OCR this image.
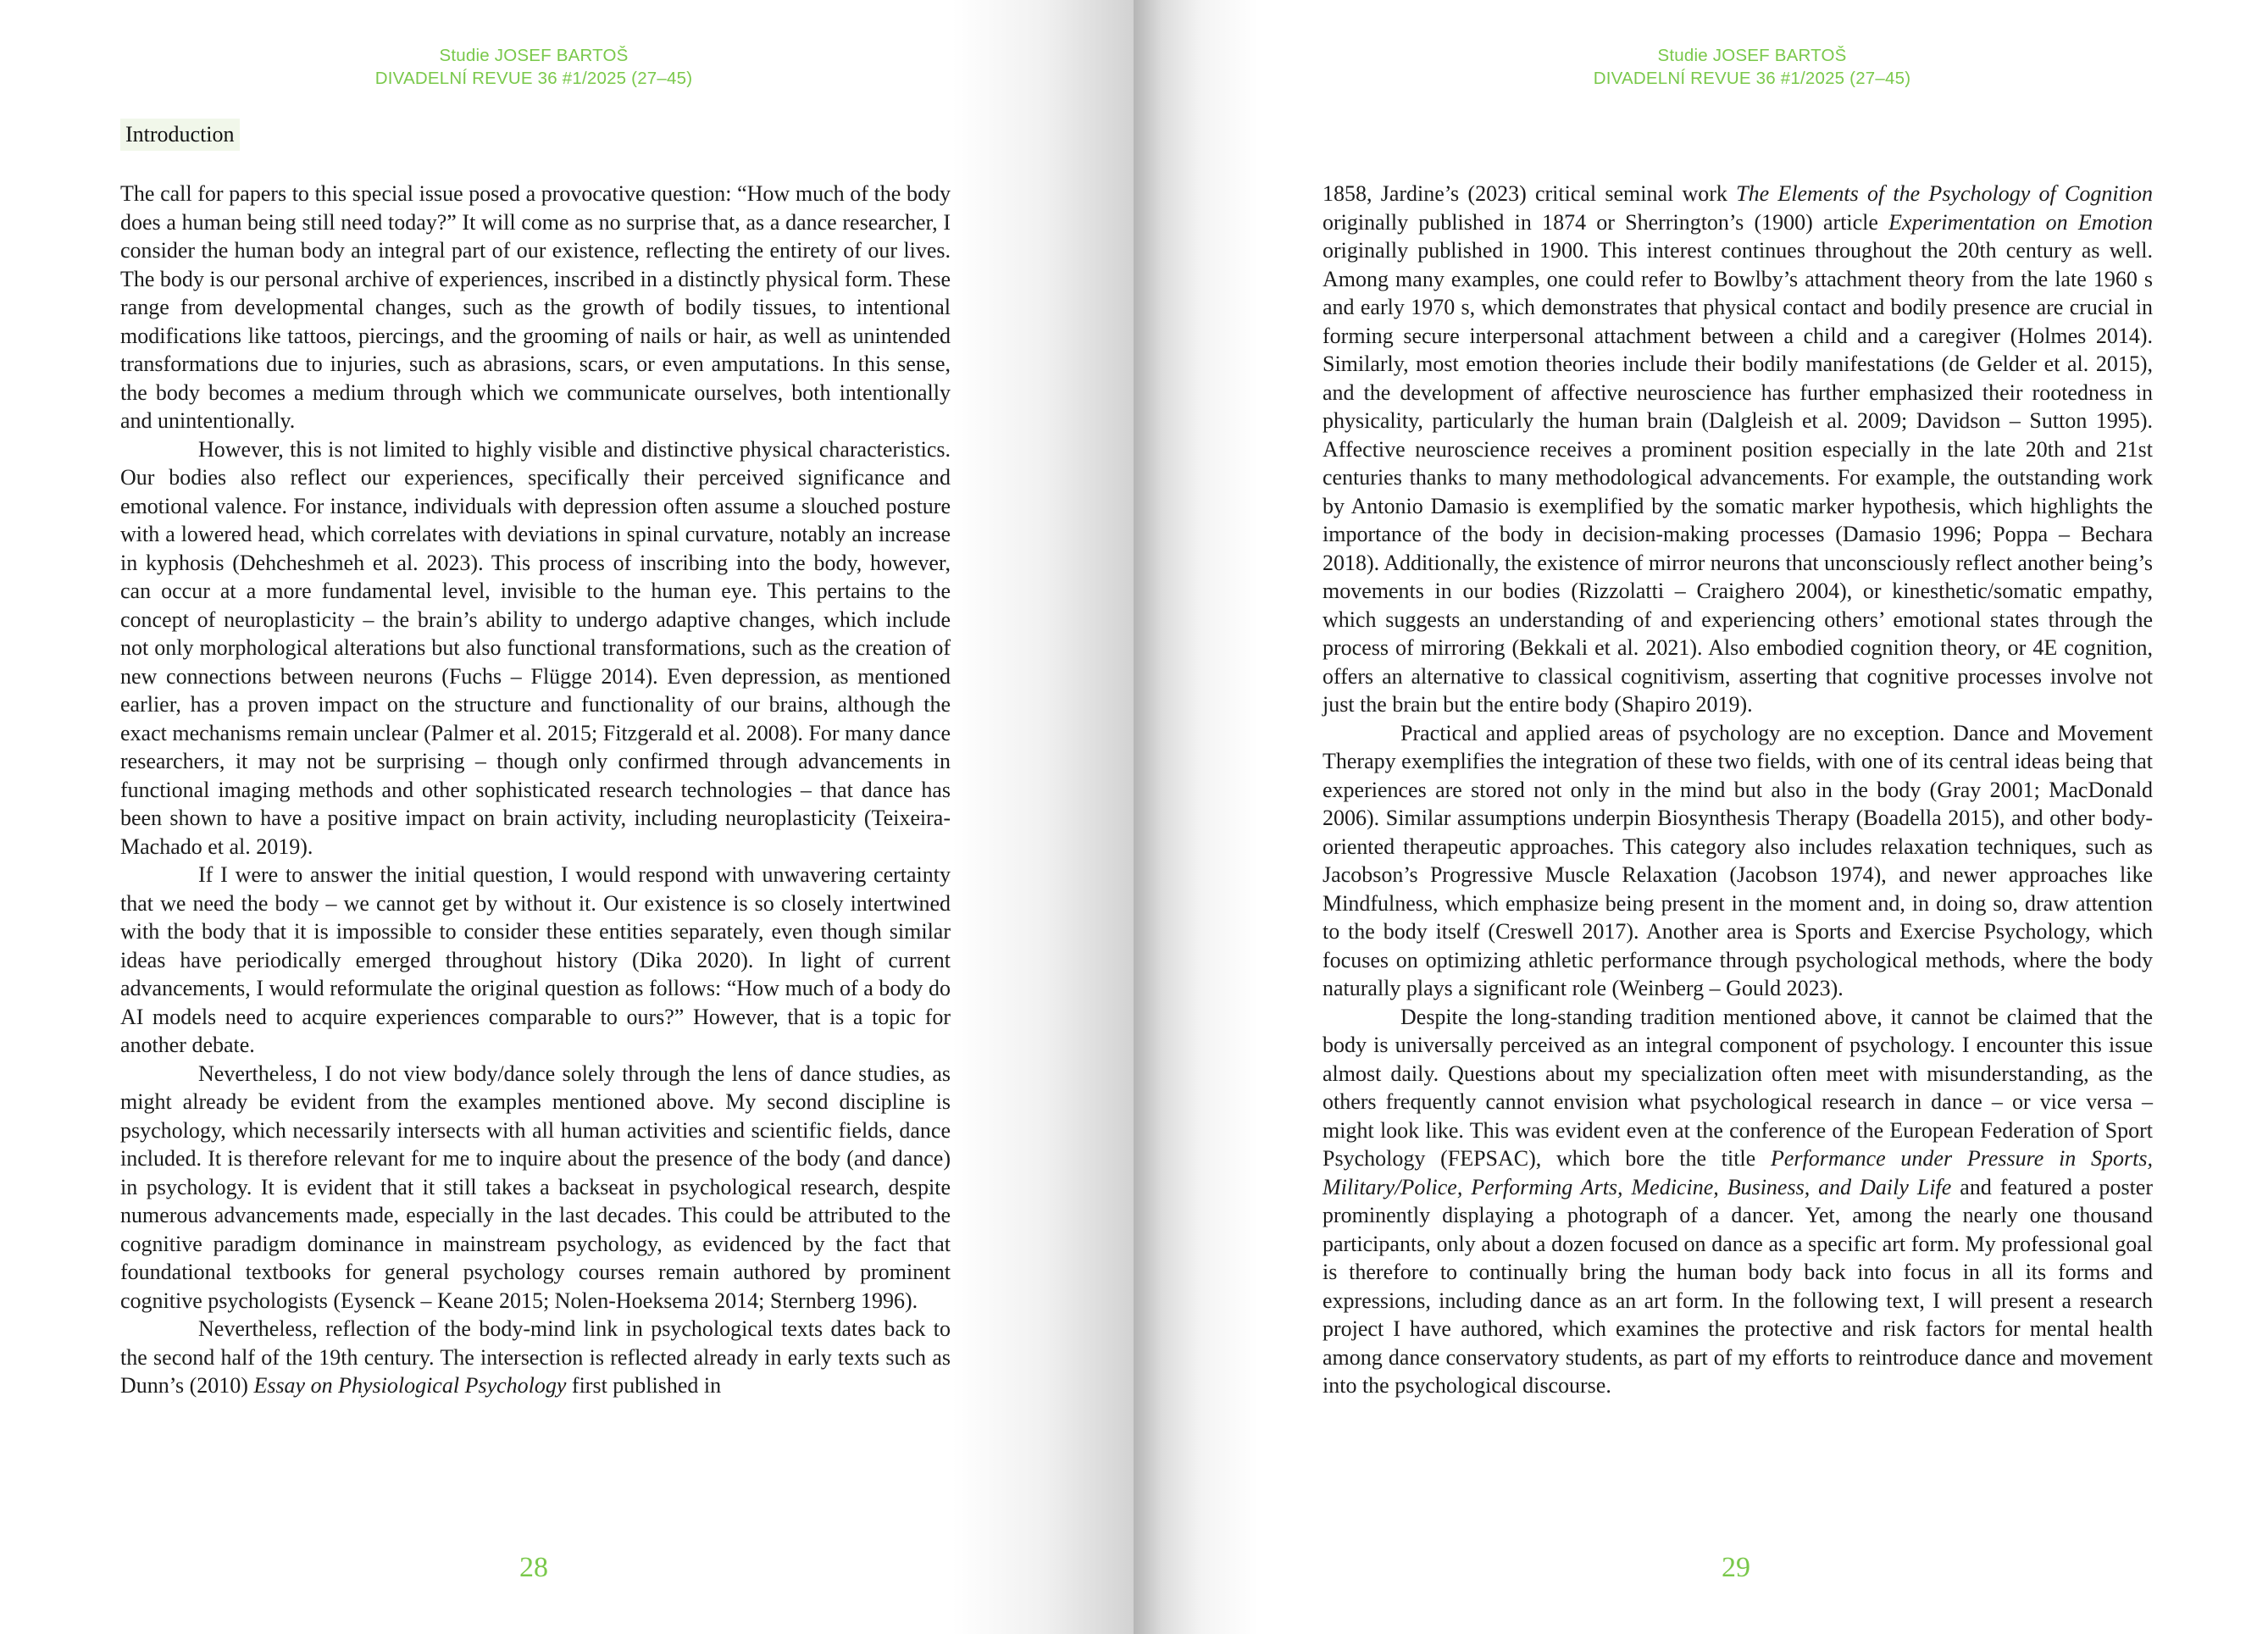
Studie JOSEF BARTOŠ
DIVADELNÍ REVUE 36 #1/2025 (27–45)
Introduction

The call for papers to this special issue posed a provocative question: “How much of the body does a human being still need today?” It will come as no surprise that, as a dance researcher, I consider the human body an integral part of our existence, reflecting the entirety of our lives. The body is our personal archive of experiences, inscribed in a distinctly physical form. These range from developmental changes, such as the growth of bodily tissues, to intentional modifications like tattoos, piercings, and the grooming of nails or hair, as well as unintended transformations due to injuries, such as abrasions, scars, or even amputations. In this sense, the body becomes a medium through which we communicate ourselves, both intentionally and unintentionally.

However, this is not limited to highly visible and distinctive physical characteristics. Our bodies also reflect our experiences, specifically their perceived significance and emotional valence. For instance, individuals with depression often assume a slouched posture with a lowered head, which correlates with deviations in spinal curvature, notably an increase in kyphosis (Dehcheshmeh et al. 2023). This process of inscribing into the body, however, can occur at a more fundamental level, invisible to the human eye. This pertains to the concept of neuroplasticity – the brain’s ability to undergo adaptive changes, which include not only morphological alterations but also functional transformations, such as the creation of new connections between neurons (Fuchs – Flügge 2014). Even depression, as mentioned earlier, has a proven impact on the structure and functionality of our brains, although the exact mechanisms remain unclear (Palmer et al. 2015; Fitzgerald et al. 2008). For many dance researchers, it may not be surprising – though only confirmed through advancements in functional imaging methods and other sophisticated research technologies – that dance has been shown to have a positive impact on brain activity, including neuroplasticity (Teixeira-Machado et al. 2019).

If I were to answer the initial question, I would respond with unwavering certainty that we need the body – we cannot get by without it. Our existence is so closely intertwined with the body that it is impossible to consider these entities separately, even though similar ideas have periodically emerged throughout history (Dika 2020). In light of current advancements, I would reformulate the original question as follows: “How much of a body do AI models need to acquire experiences comparable to ours?” However, that is a topic for another debate.

Nevertheless, I do not view body/dance solely through the lens of dance studies, as might already be evident from the examples mentioned above. My second discipline is psychology, which necessarily intersects with all human activities and scientific fields, dance included. It is therefore relevant for me to inquire about the presence of the body (and dance) in psychology. It is evident that it still takes a backseat in psychological research, despite numerous advancements made, especially in the last decades. This could be attributed to the cognitive paradigm dominance in mainstream psychology, as evidenced by the fact that foundational textbooks for general psychology courses remain authored by prominent cognitive psychologists (Eysenck – Keane 2015; Nolen-Hoeksema 2014; Sternberg 1996).

Nevertheless, reflection of the body-mind link in psychological texts dates back to the second half of the 19th century. The intersection is reflected already in early texts such as Dunn’s (2010) Essay on Physiological Psychology first published in

28
Studie JOSEF BARTOŠ
DIVADELNÍ REVUE 36 #1/2025 (27–45)

1858, Jardine’s (2023) critical seminal work The Elements of the Psychology of Cognition originally published in 1874 or Sherrington’s (1900) article Experimentation on Emotion originally published in 1900. This interest continues throughout the 20th century as well. Among many examples, one could refer to Bowlby’s attachment theory from the late 1960 s and early 1970 s, which demonstrates that physical contact and bodily presence are crucial in forming secure interpersonal attachment between a child and a caregiver (Holmes 2014). Similarly, most emotion theories include their bodily manifestations (de Gelder et al. 2015), and the development of affective neuroscience has further emphasized their rootedness in physicality, particularly the human brain (Dalgleish et al. 2009; Davidson – Sutton 1995). Affective neuroscience receives a prominent position especially in the late 20th and 21st centuries thanks to many methodological advancements. For example, the outstanding work by Antonio Damasio is exemplified by the somatic marker hypothesis, which highlights the importance of the body in decision-making processes (Damasio 1996; Poppa – Bechara 2018). Additionally, the existence of mirror neurons that unconsciously reflect another being’s movements in our bodies (Rizzolatti – Craighero 2004), or kinesthetic/somatic empathy, which suggests an understanding of and experiencing others’ emotional states through the process of mirroring (Bekkali et al. 2021). Also embodied cognition theory, or 4E cognition, offers an alternative to classical cognitivism, asserting that cognitive processes involve not just the brain but the entire body (Shapiro 2019).

Practical and applied areas of psychology are no exception. Dance and Movement Therapy exemplifies the integration of these two fields, with one of its central ideas being that experiences are stored not only in the mind but also in the body (Gray 2001; MacDonald 2006). Similar assumptions underpin Biosynthesis Therapy (Boadella 2015), and other body-oriented therapeutic approaches. This category also includes relaxation techniques, such as Jacobson’s Progressive Muscle Relaxation (Jacobson 1974), and newer approaches like Mindfulness, which emphasize being present in the moment and, in doing so, draw attention to the body itself (Creswell 2017). Another area is Sports and Exercise Psychology, which focuses on optimizing athletic performance through psychological methods, where the body naturally plays a significant role (Weinberg – Gould 2023).

Despite the long-standing tradition mentioned above, it cannot be claimed that the body is universally perceived as an integral component of psychology. I encounter this issue almost daily. Questions about my specialization often meet with misunderstanding, as the others frequently cannot envision what psychological research in dance – or vice versa – might look like. This was evident even at the conference of the European Federation of Sport Psychology (FEPSAC), which bore the title Performance under Pressure in Sports, Military/Police, Performing Arts, Medicine, Business, and Daily Life and featured a poster prominently displaying a photograph of a dancer. Yet, among the nearly one thousand participants, only about a dozen focused on dance as a specific art form. My professional goal is therefore to continually bring the human body back into focus in all its forms and expressions, including dance as an art form. In the following text, I will present a research project I have authored, which examines the protective and risk factors for mental health among dance conservatory students, as part of my efforts to reintroduce dance and movement into the psychological discourse.

29
